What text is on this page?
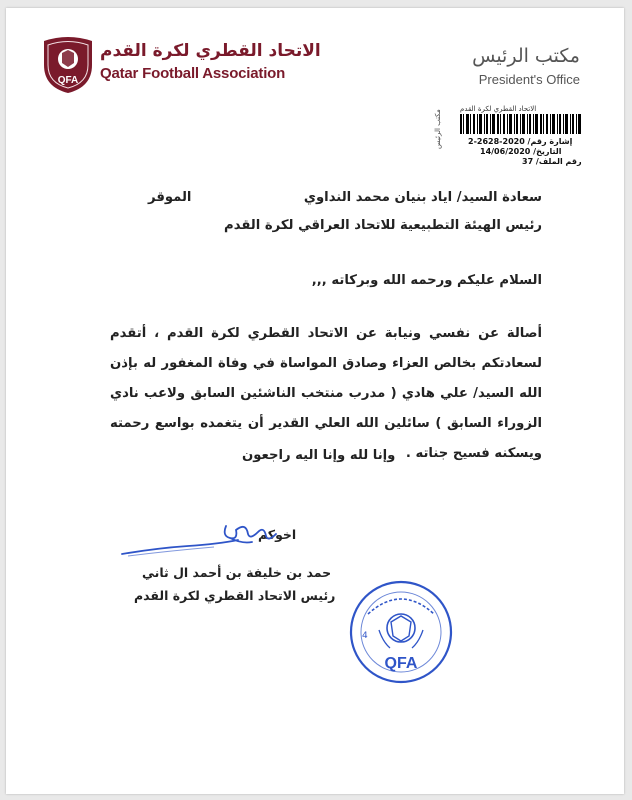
QFA
الاتحاد القطري لكرة القدم
Qatar Football Association
مكتب الرئيس
President's Office
مكتب الرئيس	الاتحاد القطري لكرة القدم
إشارة رقم/ 2020-2628-2
التاريخ/ 14/06/2020
رقم الملف/ 37
سعادة السيد/ اياد بنيان محمد النداوي
الموقر
رئيس الهيئة التطبيعية للاتحاد العراقي لكرة القدم
السلام عليكم ورحمه الله وبركاته ,,,
أصالة عن نفسي ونيابة عن الاتحاد القطري لكرة القدم ، أتقدم لسعادتكم بخالص العزاء وصادق المواساة في وفاة المغفور له بإذن الله السيد/ علي هادي ( مدرب منتخب الناشئين السابق ولاعب نادي الزوراء السابق ) سائلين الله العلي القدير أن يتغمده بواسع رحمته ويسكنه فسيح جناته .
وإنا لله وإنا اليه راجعون
اخوكم
حمد بن خليفة بن أحمد ال ثاني
رئيس الاتحاد القطري لكرة القدم
4
QFA
